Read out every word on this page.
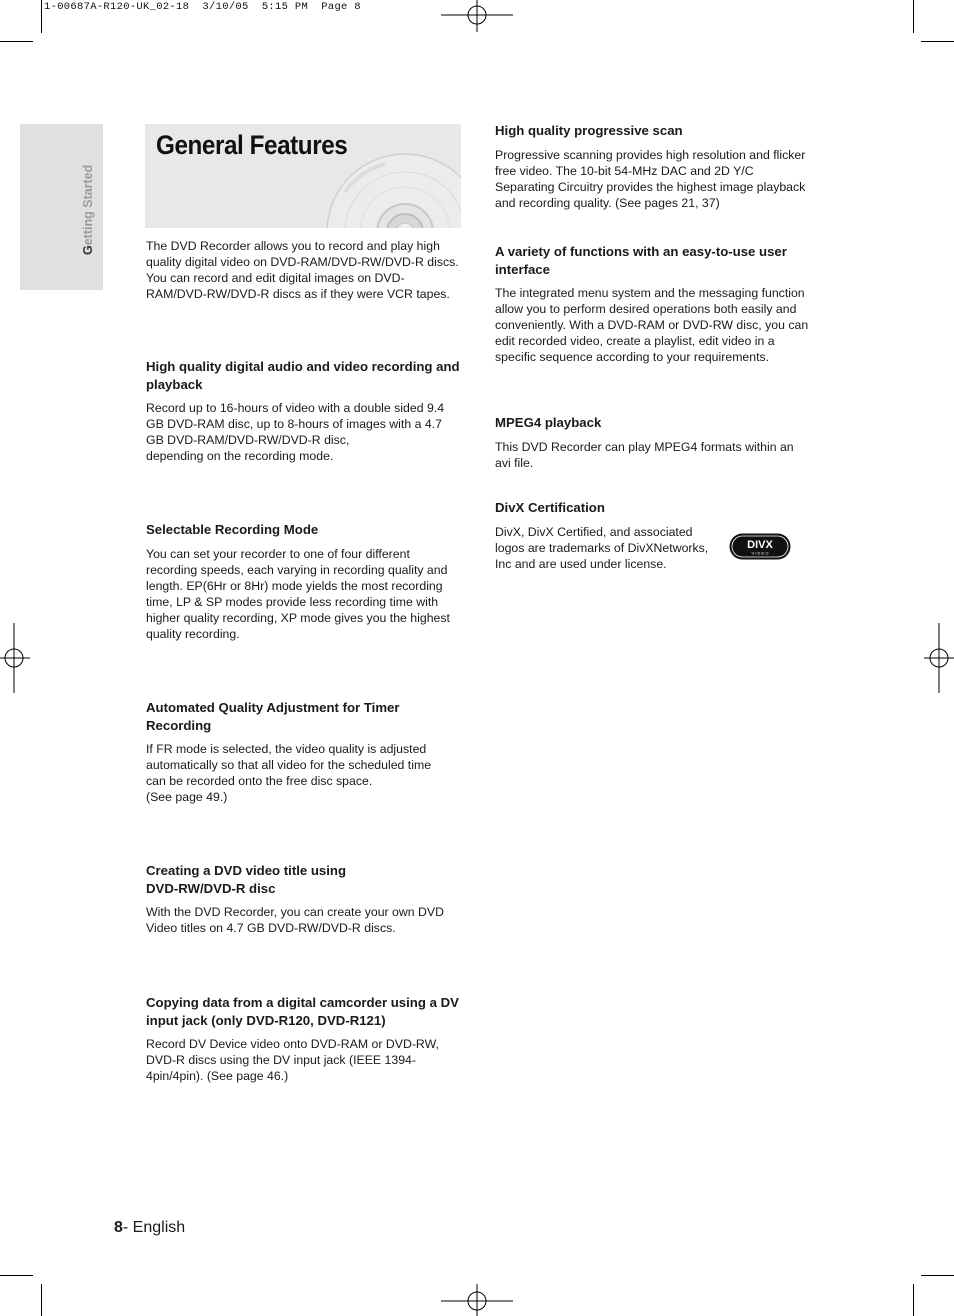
1-00687A-R120-UK_02-18  3/10/05  5:15 PM  Page 8
Getting Started
General Features
The DVD Recorder allows you to record and play high quality digital video on DVD-RAM/DVD-RW/DVD-R discs. You can record and edit digital images on DVD-RAM/DVD-RW/DVD-R discs as if they were VCR tapes.
High quality digital audio and video recording and playback
Record up to 16-hours of video with a double sided 9.4 GB DVD-RAM disc, up to 8-hours of images with a 4.7 GB DVD-RAM/DVD-RW/DVD-R disc,
depending on the recording mode.
Selectable Recording Mode
You can set your recorder to one of four different recording speeds, each varying in recording quality and length. EP(6Hr or 8Hr) mode yields the most recording time, LP & SP modes provide less recording time with higher quality recording, XP mode gives you the highest quality recording.
Automated Quality Adjustment for Timer Recording
If FR mode is selected, the video quality is adjusted automatically so that all video for the scheduled time can be recorded onto the free disc space.
(See page 49.)
Creating a DVD video title using
DVD-RW/DVD-R disc
With the DVD Recorder, you can create your own DVD Video titles on 4.7 GB DVD-RW/DVD-R discs.
Copying data from a digital camcorder using a DV input jack (only DVD-R120, DVD-R121)
Record DV Device video onto DVD-RAM or DVD-RW, DVD-R discs using the DV input jack (IEEE 1394-4pin/4pin). (See page 46.)
High quality progressive scan
Progressive scanning provides high resolution and flicker free video. The 10-bit 54-MHz DAC and 2D Y/C Separating Circuitry provides the highest image playback and recording quality. (See pages 21, 37)
A variety of functions with an easy-to-use user interface
The integrated menu system and the messaging function allow you to perform desired operations both easily and conveniently. With a DVD-RAM or DVD-RW disc, you can edit recorded video, create a playlist, edit video in a specific sequence according to your requirements.
MPEG4 playback
This DVD Recorder can play MPEG4 formats within an avi file.
DivX Certification
DivX, DivX Certified, and associated logos are trademarks of DivXNetworks, Inc and are used under license.
DIVX
V I D E O
8- English
